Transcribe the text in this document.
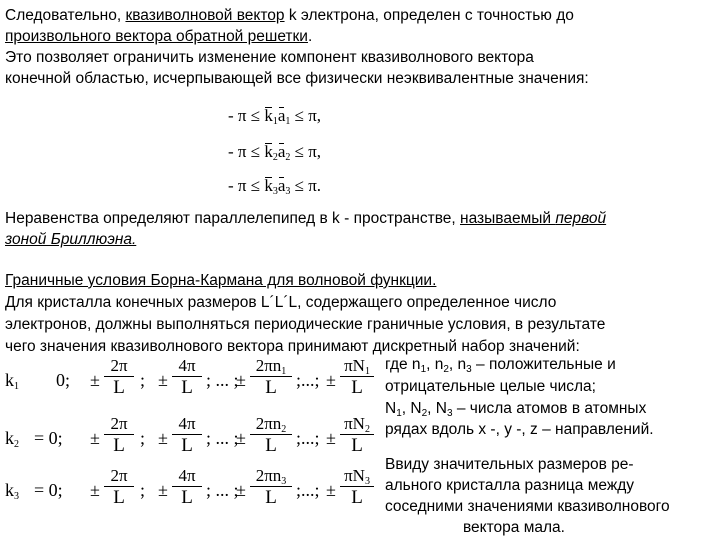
Следовательно, квазиволновой вектор k электрона, определен с точностью до
произвольного вектора обратной решетки.
Это позволяет ограничить изменение компонент квазиволнового вектора
конечной областью, исчерпывающей все физически неэквивалентные значения:
- $\pi \le k_1a_1 \le \pi$,
- $\pi \le k_2a_2 \le \pi$,
- $\pi \le k_3a_3 \le \pi$.
Неравенства определяют параллелепипед в k - пространстве, называемый первой
зоной Бриллюэна.
Граничные условия Борна-Кармана для волновой функции.
Для кристалла конечных размеров L´L´L, содержащего определенное число
электронов, должны выполняться периодические граничные условия, в результате
чего значения квазиволнового вектора принимают дискретный набор значений:
$k_1$ 0; ± $\frac{2\pi}{L}$ ; ± $\frac{4\pi}{L}$ ; ... ;
± $\frac{2\pi n_1}{L}$ ;...; ± $\frac{\pi N_1}{L}$
$k_2 = 0$; ± $\frac{2\pi}{L}$ ; ± $\frac{4\pi}{L}$ ; ... ;
± $\frac{2\pi n_2}{L}$ ;...; ± $\frac{\pi N_2}{L}$
$k_3 = 0$; ± $\frac{2\pi}{L}$ ; ± $\frac{4\pi}{L}$ ; ... ;
± $\frac{2\pi n_3}{L}$ ;...; ± $\frac{\pi N_3}{L}$
где $n_1$, $n_2$, $n_3$ – положительные и
отрицательные целые числа;
$N_1$, $N_2$, $N_3$ – числа атомов в атомных
рядах вдоль x -, y -, z – направлений.
Ввиду значительных размеров ре-
ального кристалла разница между
соседними значениями квазиволнового
вектора мала.
